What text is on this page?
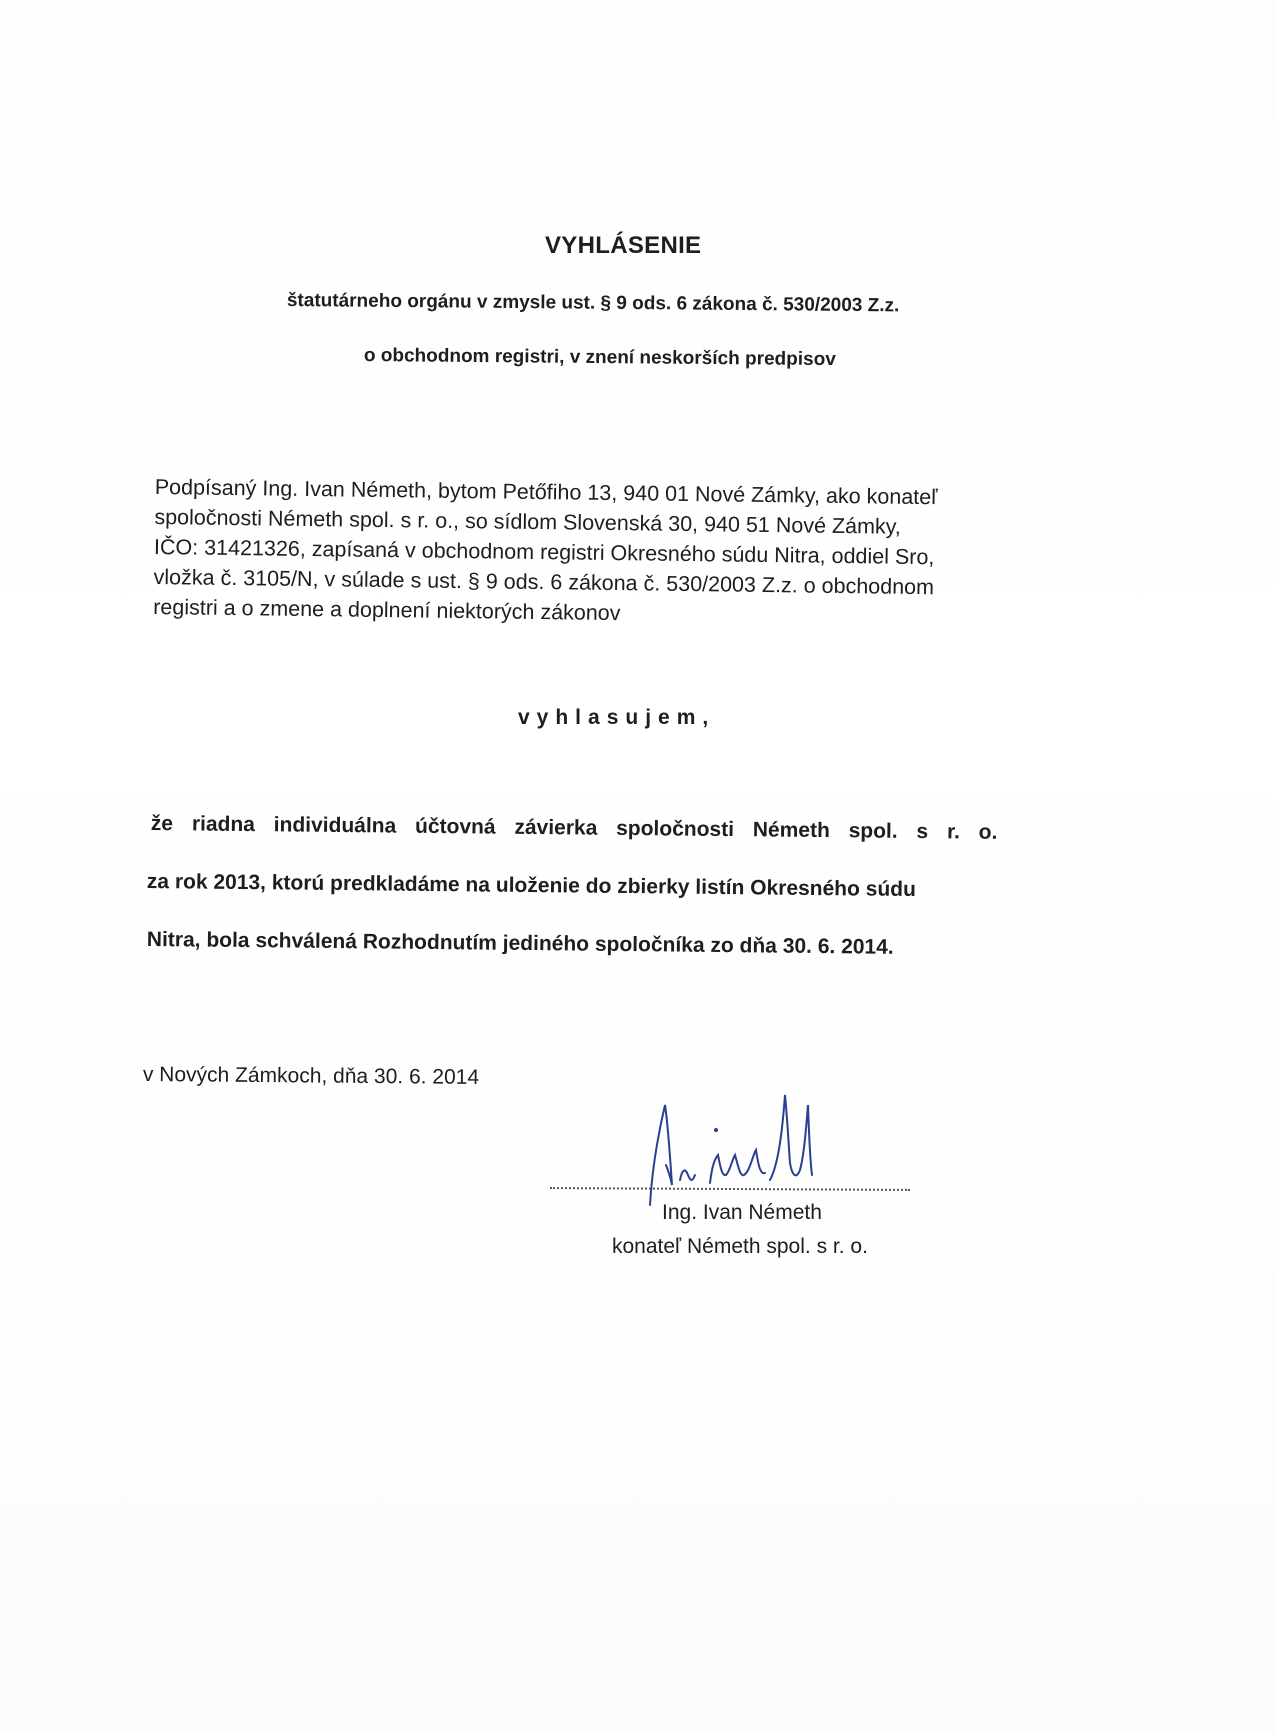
VYHLÁSENIE
štatutárneho orgánu v zmysle ust. § 9 ods. 6 zákona č. 530/2003 Z.z.
o obchodnom registri, v znení neskorších predpisov
Podpísaný Ing. Ivan Németh, bytom Petőfiho 13, 940 01 Nové Zámky, ako konateľ
spoločnosti Németh spol. s r. o., so sídlom Slovenská 30, 940 51 Nové Zámky,
IČO: 31421326, zapísaná v obchodnom registri Okresného súdu Nitra, oddiel Sro,
vložka č. 3105/N, v súlade s ust. § 9 ods. 6 zákona č. 530/2003 Z.z. o obchodnom
registri a o zmene a doplnení niektorých zákonov
vyhlasujem,
že riadna individuálna účtovná závierka spoločnosti Németh spol. s r. o.
za rok 2013, ktorú predkladáme na uloženie do zbierky listín Okresného súdu
Nitra, bola schválená Rozhodnutím jediného spoločníka zo dňa 30. 6. 2014.
v Nových Zámkoch, dňa 30. 6. 2014
Ing. Ivan Németh
konateľ Németh spol. s r. o.
